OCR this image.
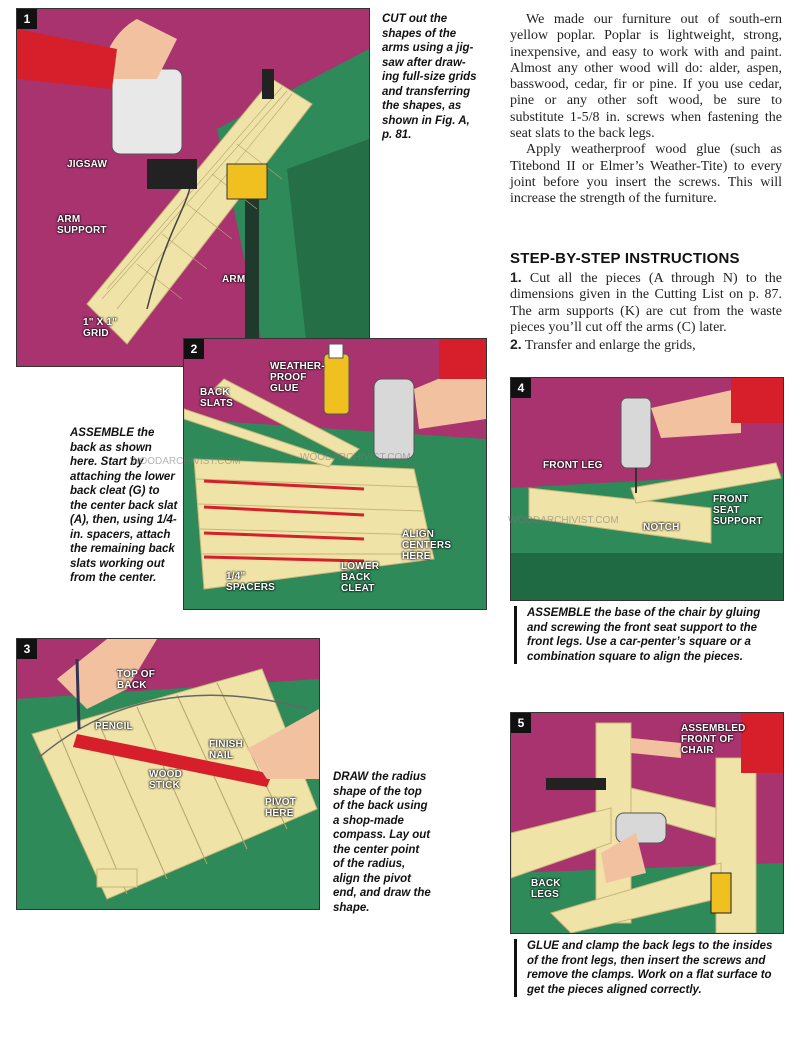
1
JIGSAW
ARM
SUPPORT
ARM
1" X 1"
GRID
CUT out the shapes of the arms using a jig-saw after draw-ing full-size grids and transferring the shapes, as shown in Fig. A, p. 81.

We made our furniture out of south-ern yellow poplar. Poplar is lightweight, strong, inexpensive, and easy to work with and paint. Almost any other wood will do: alder, aspen, basswood, cedar, fir or pine. If you use cedar, pine or any other soft wood, be sure to substitute 1-5/8 in. screws when fastening the seat slats to the back legs.

Apply weatherproof wood glue (such as Titebond II or Elmer’s Weather-Tite) to every joint before you insert the screws. This will increase the strength of the furniture.

STEP-BY-STEP INSTRUCTIONS

1. Cut all the pieces (A through N) to the dimensions given in the Cutting List on p. 87. The arm supports (K) are cut from the waste pieces you’ll cut off the arms (C) later.

2. Transfer and enlarge the grids,

2
BACK
SLATS
WEATHER-
PROOF
GLUE
ALIGN
CENTERS
HERE
LOWER
BACK
CLEAT
1/4"
SPACERS
ASSEMBLE the back as shown here. Start by attaching the lower back cleat (G) to the center back slat (A), then, using 1/4-in. spacers, attach the remaining back slats working out from the center.
3
TOP OF
BACK
PENCIL
FINISH
NAIL
WOOD
STICK
PIVOT
HERE
DRAW the radius shape of the top of the back using a shop-made compass. Lay out the center point of the radius, align the pivot end, and draw the shape.
4
FRONT LEG
NOTCH
FRONT
SEAT
SUPPORT
ASSEMBLE the base of the chair by gluing and screwing the front seat support to the front legs. Use a car-penter’s square or a combination square to align the pieces.
5	ASSEMBLED
FRONT OF
CHAIR
BACK
LEGS
GLUE and clamp the back legs to the insides of the front legs, then insert the screws and remove the clamps. Work on a flat surface to get the pieces aligned correctly.
WOODARCHIVIST.COM	WOODARCHIVIST.COM
WOODARCHIVIST.COM
